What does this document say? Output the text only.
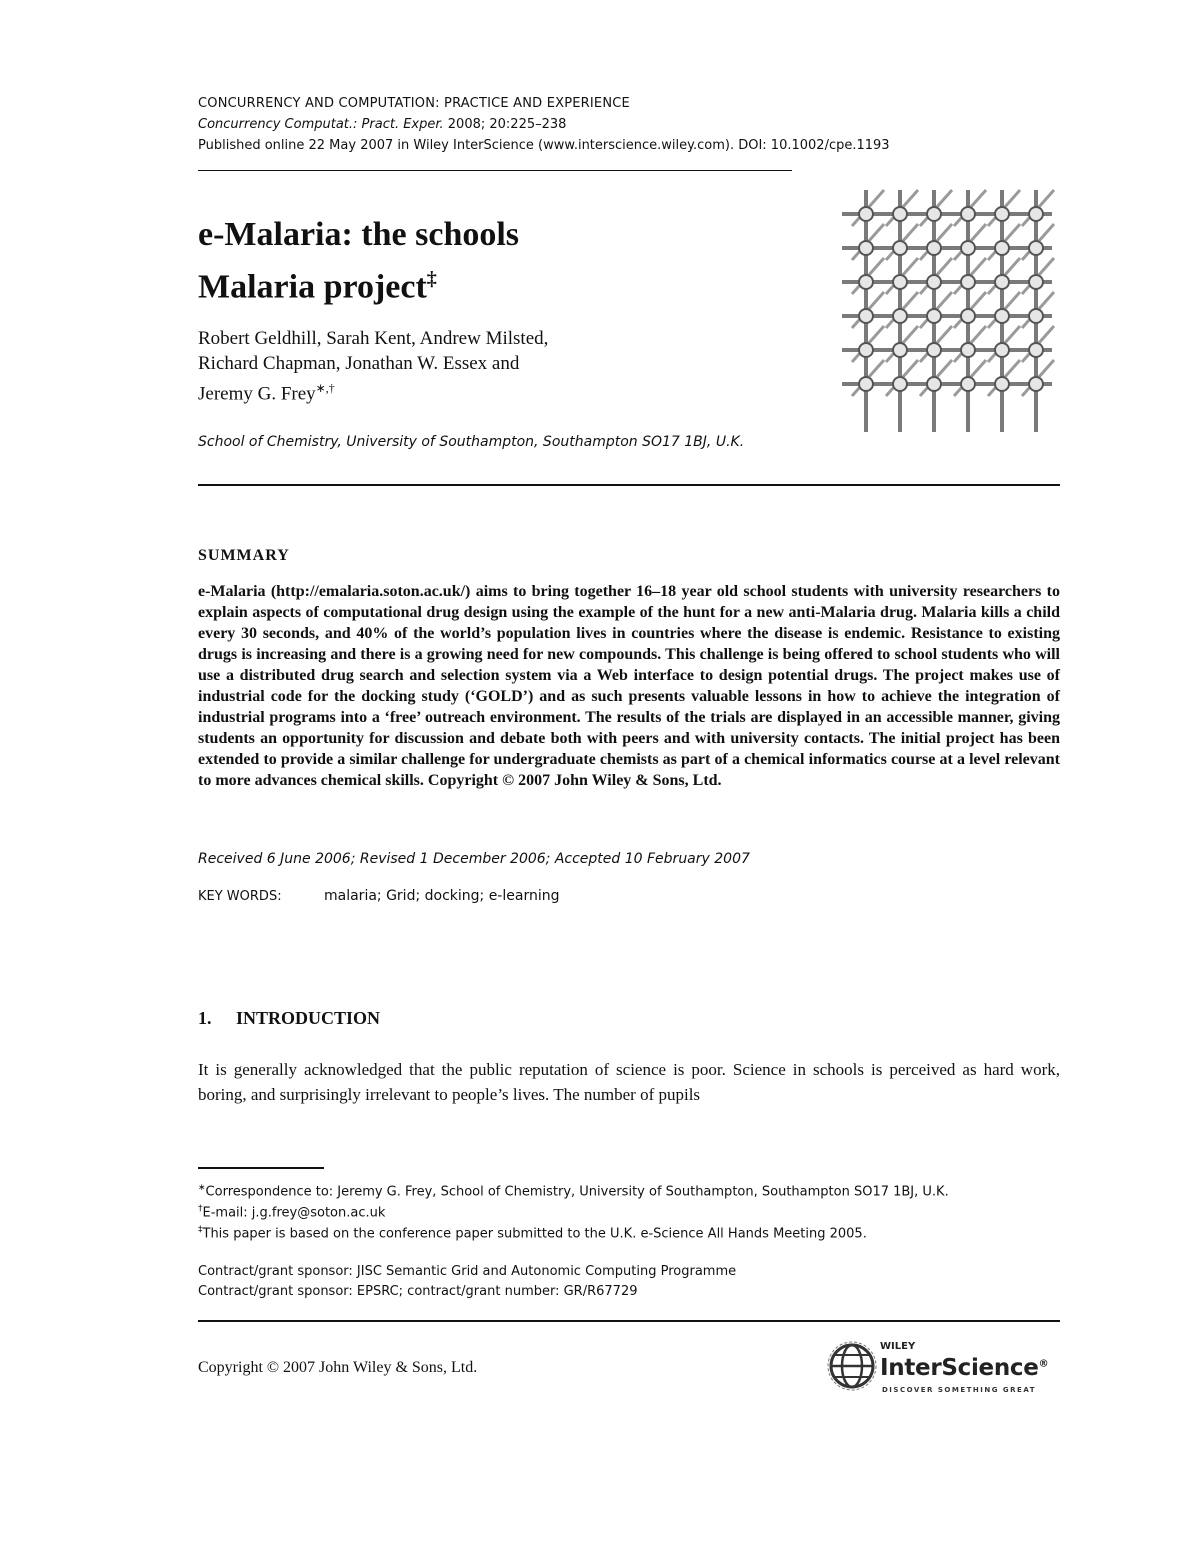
CONCURRENCY AND COMPUTATION: PRACTICE AND EXPERIENCE
Concurrency Computat.: Pract. Exper. 2008; 20:225–238
Published online 22 May 2007 in Wiley InterScience (www.interscience.wiley.com). DOI: 10.1002/cpe.1193
e-Malaria: the schools
Malaria project‡
Robert Geldhill, Sarah Kent, Andrew Milsted,
Richard Chapman, Jonathan W. Essex and
Jeremy G. Frey∗,†
School of Chemistry, University of Southampton, Southampton SO17 1BJ, U.K.
SUMMARY
e-Malaria (http://emalaria.soton.ac.uk/) aims to bring together 16–18 year old school students with university researchers to explain aspects of computational drug design using the example of the hunt for a new anti-Malaria drug. Malaria kills a child every 30 seconds, and 40% of the world’s population lives in countries where the disease is endemic. Resistance to existing drugs is increasing and there is a growing need for new compounds. This challenge is being offered to school students who will use a distributed drug search and selection system via a Web interface to design potential drugs. The project makes use of industrial code for the docking study (‘GOLD’) and as such presents valuable lessons in how to achieve the integration of industrial programs into a ‘free’ outreach environment. The results of the trials are displayed in an accessible manner, giving students an opportunity for discussion and debate both with peers and with university contacts. The initial project has been extended to provide a similar challenge for undergraduate chemists as part of a chemical informatics course at a level relevant to more advances chemical skills. Copyright © 2007 John Wiley & Sons, Ltd.
Received 6 June 2006; Revised 1 December 2006; Accepted 10 February 2007
KEY WORDS:	malaria; Grid; docking; e-learning
1. INTRODUCTION
It is generally acknowledged that the public reputation of science is poor. Science in schools is perceived as hard work, boring, and surprisingly irrelevant to people’s lives. The number of pupils
∗Correspondence to: Jeremy G. Frey, School of Chemistry, University of Southampton, Southampton SO17 1BJ, U.K.
†E-mail: j.g.frey@soton.ac.uk
‡This paper is based on the conference paper submitted to the U.K. e-Science All Hands Meeting 2005.
Contract/grant sponsor: JISC Semantic Grid and Autonomic Computing Programme
Contract/grant sponsor: EPSRC; contract/grant number: GR/R67729
Copyright © 2007 John Wiley & Sons, Ltd.
WILEY
InterScience®
DISCOVER SOMETHING GREAT
